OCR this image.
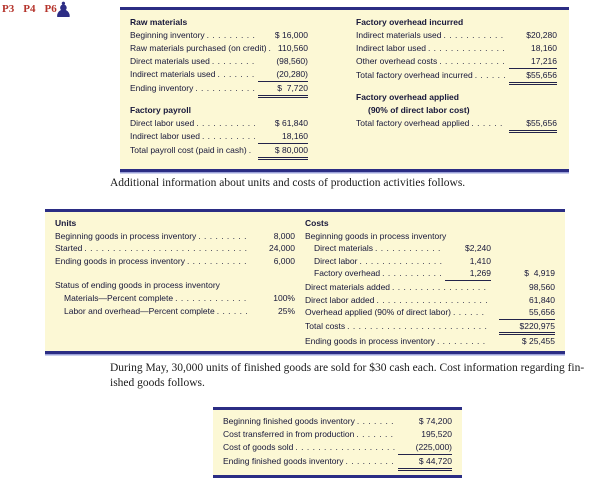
P3 P4 P6
♟	Raw materials
Beginning inventory . . .	$ 16,000
Raw materials purchased (on credit) . . . 110,560
Direct materials used . . .	(98,560)
Indirect materials used . . .	(20,280)
Ending inventory . . .	$  7,720
Factory payroll
Direct labor used . . .	$ 61,840
Indirect labor used . . .	18,160
Total payroll cost (paid in cash) . . .	$ 80,000
Factory overhead incurred
Indirect materials used . . .	$20,280
Indirect labor used . . .	18,160
Other overhead costs . . .	17,216
Total factory overhead incurred . . .	$55,656
Factory overhead applied
(90% of direct labor cost)
Total factory overhead applied . . .	$55,656
Additional information about units and costs of production activities follows.
Units
Beginning goods in process inventory . . .	8,000
Started . . .	24,000
Ending goods in process inventory . . .	6,000
Status of ending goods in process inventory
Materials—Percent complete . . .	100%
Labor and overhead—Percent complete . . .	25%
Costs
Beginning goods in process inventory
Direct materials . . .	$2,240
Direct labor . . .	1,410
Factory overhead . . .	1,269	$  4,919
Direct materials added . . .	98,560
Direct labor added . . .	61,840
Overhead applied (90% of direct labor) . . .	55,656
Total costs . . .	$220,975
Ending goods in process inventory . . .	$ 25,455
During May, 30,000 units of finished goods are sold for $30 cash each. Cost information regarding fin-
ished goods follows.
Beginning finished goods inventory . . .	$ 74,200
Cost transferred in from production . . .	195,520
Cost of goods sold . . .	(225,000)
Ending finished goods inventory . . .	$ 44,720
